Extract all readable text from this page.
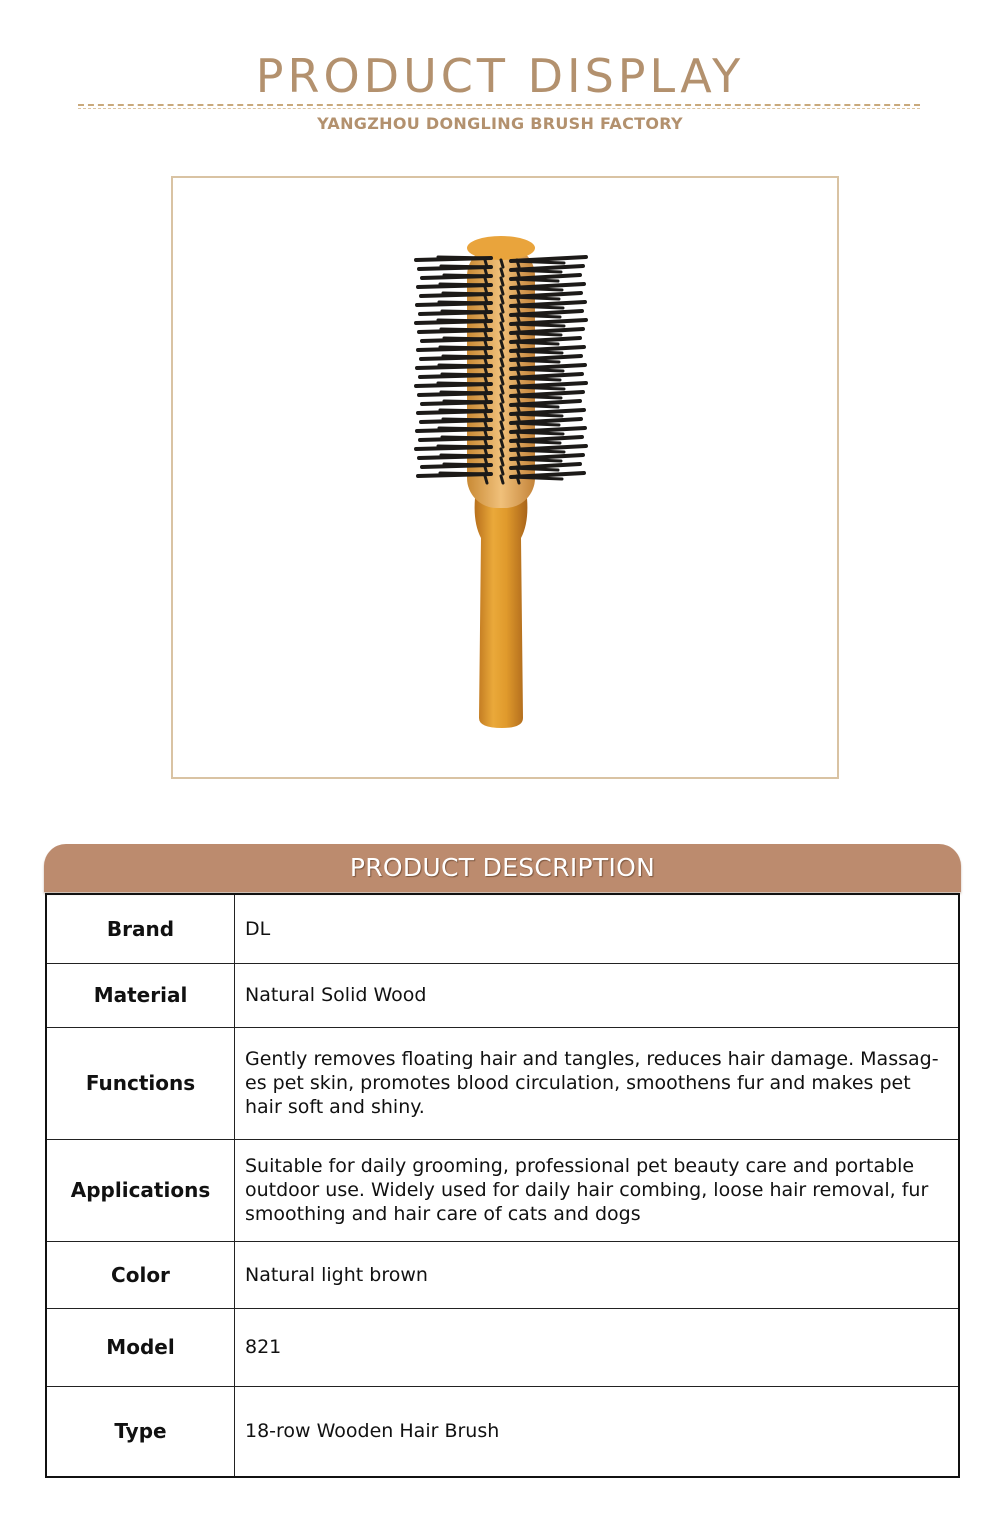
PRODUCT DISPLAY
YANGZHOU DONGLING BRUSH FACTORY
PRODUCT DESCRIPTION
Brand	DL
Material	Natural Solid Wood
Functions	Gently removes floating hair and tangles, reduces hair damage. Massag-es pet skin, promotes blood circulation, smoothens fur and makes pet hair soft and shiny.
Applications	Suitable for daily grooming, professional pet beauty care and portable outdoor use. Widely used for daily hair combing, loose hair removal, fur smoothing and hair care of cats and dogs
Color	Natural light brown
Model	821
Type	18-row Wooden Hair Brush
